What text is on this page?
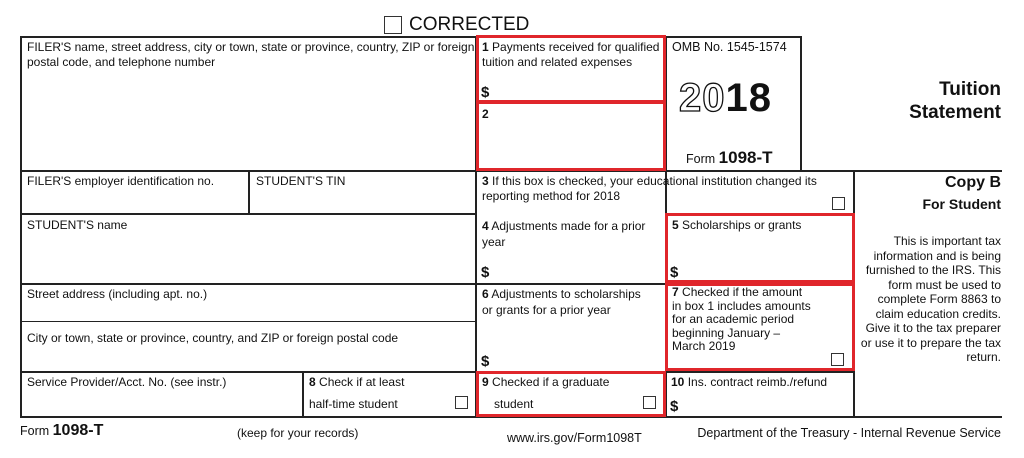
CORRECTED
FILER'S name, street address, city or town, state or province, country, ZIP or foreign postal code, and telephone number
FILER'S employer identification no.	STUDENT'S TIN
STUDENT'S name
Street address (including apt. no.)
City or town, state or province, country, and ZIP or foreign postal code
Service Provider/Acct. No. (see instr.)
1 Payments received for qualified tuition and related expenses
$
2
OMB No. 1545-1574
2018
Form 1098-T
Tuition
Statement
3 If this box is checked, your educational institution changed its reporting method for 2018
Copy B
For Student
This is important tax information and is being furnished to the IRS. This form must be used to complete Form 8863 to claim education credits. Give it to the tax preparer or use it to prepare the tax return.
4 Adjustments made for a prior year
$
5 Scholarships or grants
$
6 Adjustments to scholarships or grants for a prior year
$
7 Checked if the amount in box 1 includes amounts for an academic period beginning January – March 2019
8 Check if at least
half-time student
9 Checked if a graduate
student
10 Ins. contract reimb./refund
$
Form 1098-T	(keep for your records)	www.irs.gov/Form1098T	Department of the Treasury - Internal Revenue Service
